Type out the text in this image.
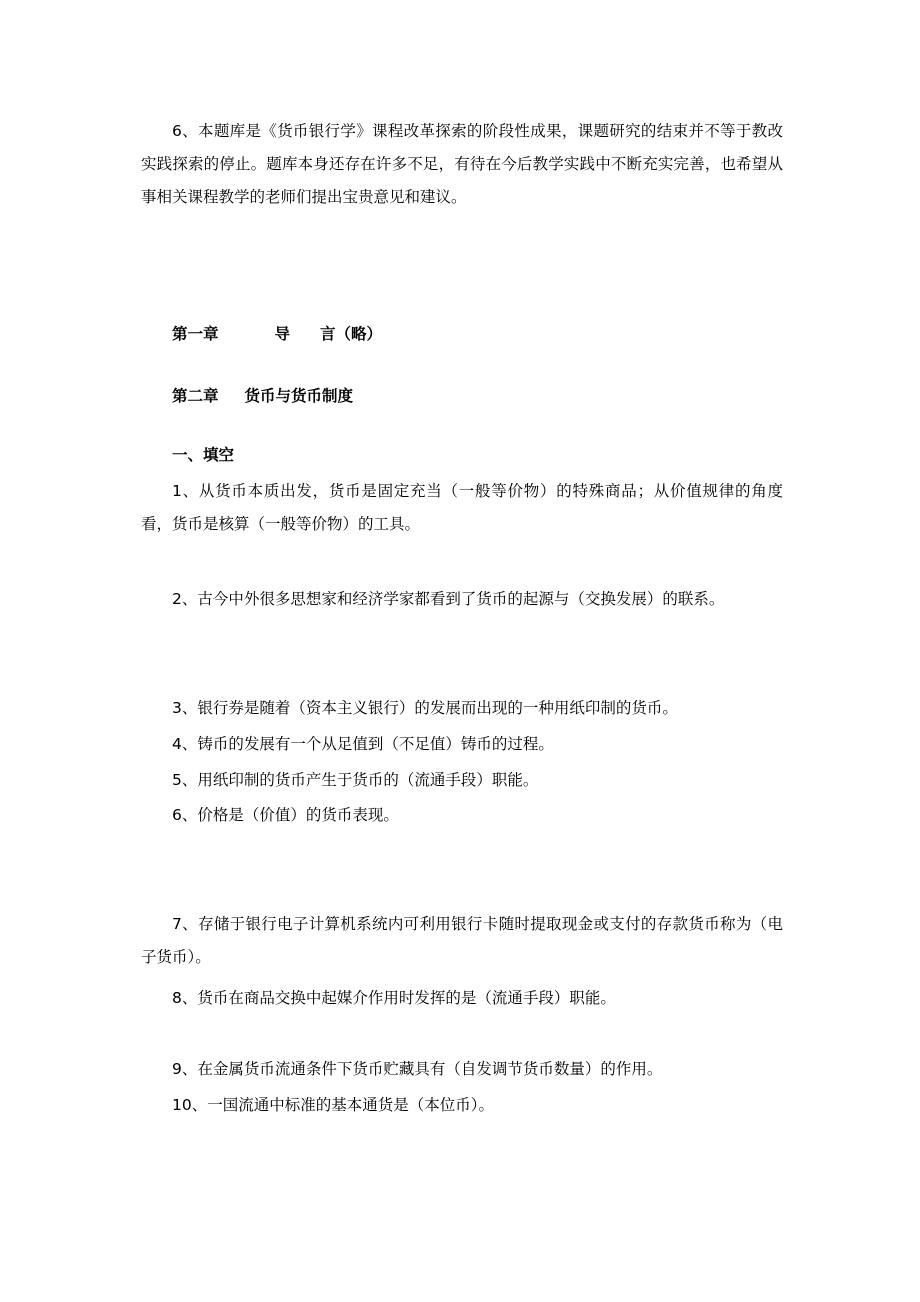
6、本题库是《货币银行学》课程改革探索的阶段性成果，课题研究的结束并不等于教改实践探索的停止。题库本身还存在许多不足，有待在今后教学实践中不断充实完善，也希望从事相关课程教学的老师们提出宝贵意见和建议。

第一章	导 言（略）
第二章 货币与货币制度
一、填空

1、从货币本质出发，货币是固定充当（一般等价物）的特殊商品；从价值规律的角度看，货币是核算（一般等价物）的工具。

2、古今中外很多思想家和经济学家都看到了货币的起源与（交换发展）的联系。

3、银行券是随着（资本主义银行）的发展而出现的一种用纸印制的货币。

4、铸币的发展有一个从足值到（不足值）铸币的过程。

5、用纸印制的货币产生于货币的（流通手段）职能。

6、价格是（价值）的货币表现。

7、存储于银行电子计算机系统内可利用银行卡随时提取现金或支付的存款货币称为（电子货币）。

8、货币在商品交换中起媒介作用时发挥的是（流通手段）职能。

9、在金属货币流通条件下货币贮藏具有（自发调节货币数量）的作用。

10、一国流通中标准的基本通货是（本位币）。
